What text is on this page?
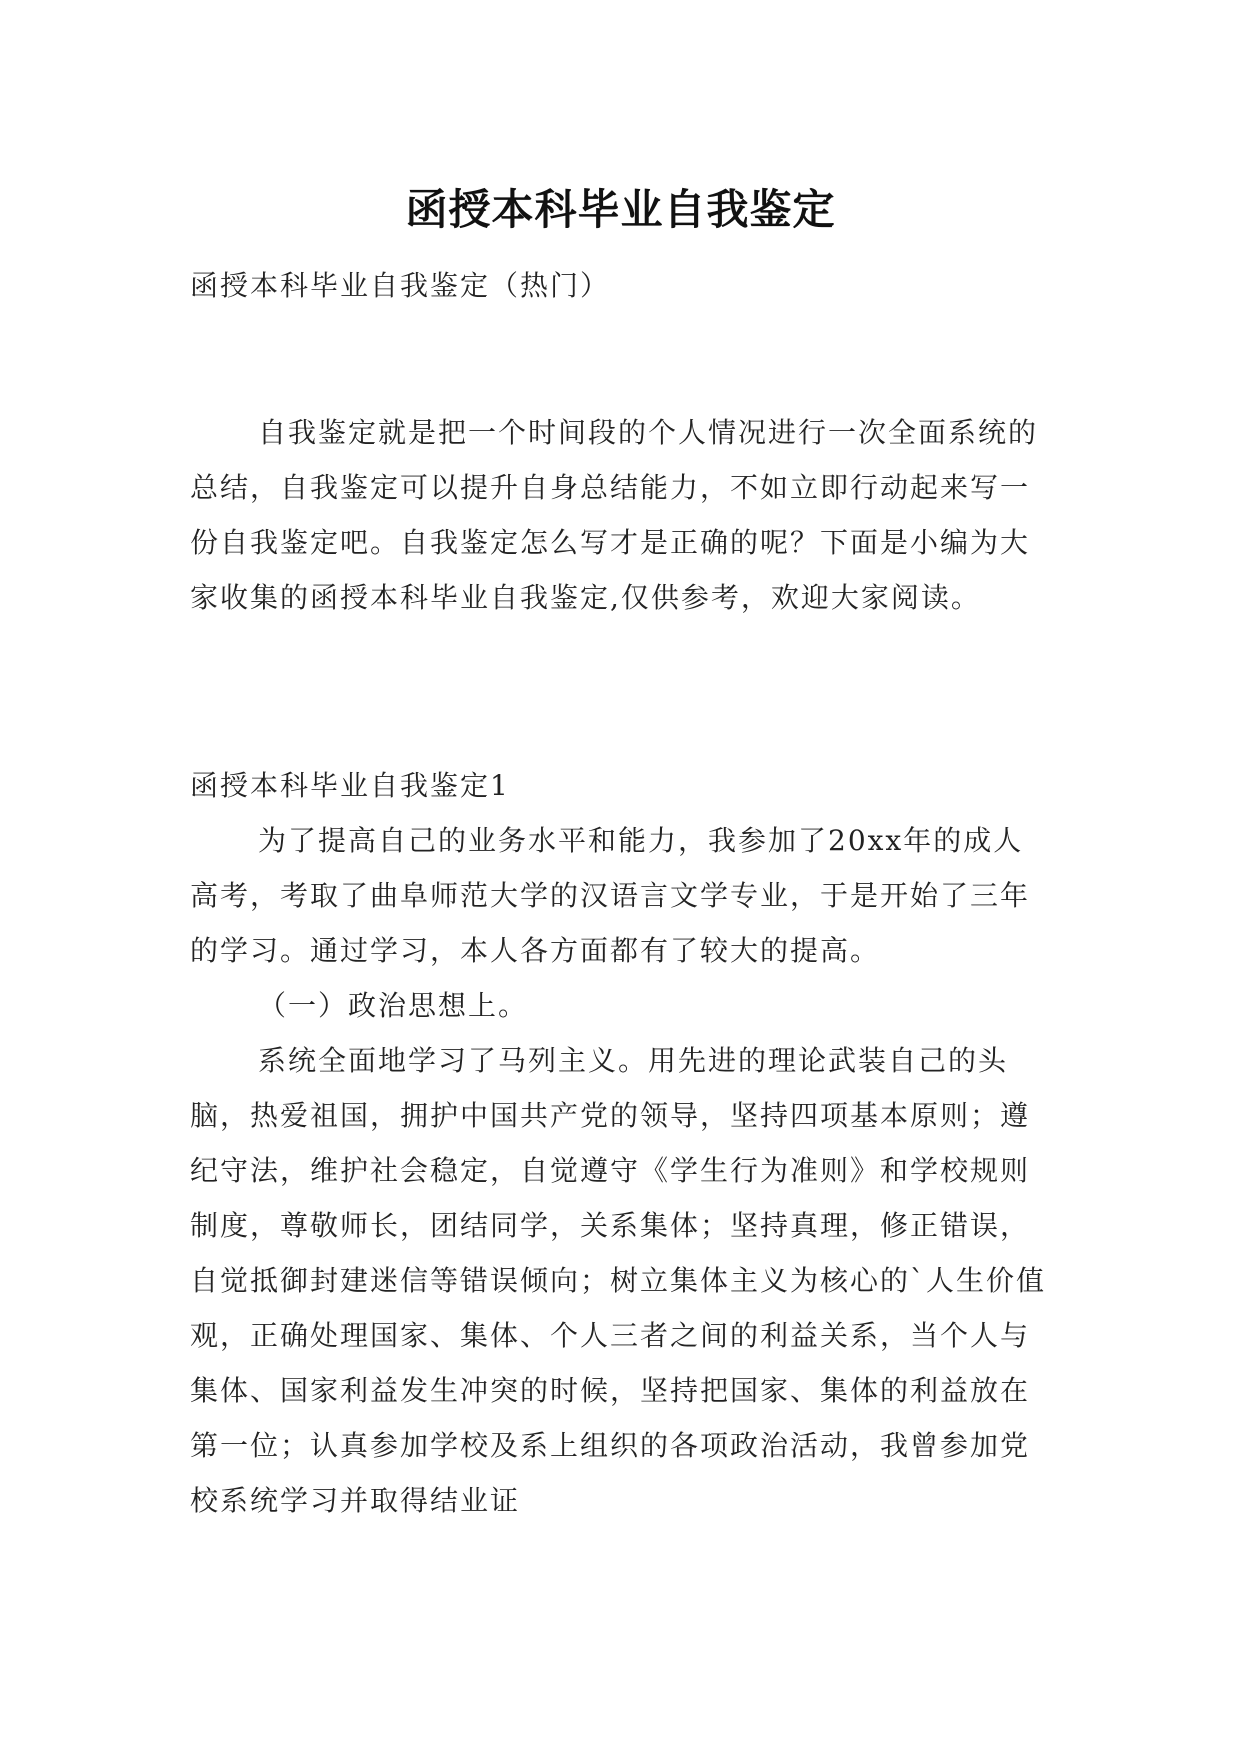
函授本科毕业自我鉴定

函授本科毕业自我鉴定（热门）

自我鉴定就是把一个时间段的个人情况进行一次全面系统的总结，自我鉴定可以提升自身总结能力，不如立即行动起来写一份自我鉴定吧。自我鉴定怎么写才是正确的呢？下面是小编为大家收集的函授本科毕业自我鉴定,仅供参考，欢迎大家阅读。

函授本科毕业自我鉴定1

为了提高自己的业务水平和能力，我参加了20xx年的成人高考，考取了曲阜师范大学的汉语言文学专业，于是开始了三年的学习。通过学习，本人各方面都有了较大的提高。

（一）政治思想上。

系统全面地学习了马列主义。用先进的理论武装自己的头脑，热爱祖国，拥护中国共产党的领导，坚持四项基本原则；遵纪守法，维护社会稳定，自觉遵守《学生行为准则》和学校规则制度，尊敬师长，团结同学，关系集体；坚持真理，修正错误，自觉抵御封建迷信等错误倾向；树立集体主义为核心的`人生价值观，正确处理国家、集体、个人三者之间的利益关系，当个人与集体、国家利益发生冲突的时候，坚持把国家、集体的利益放在第一位；认真参加学校及系上组织的各项政治活动，我曾参加党校系统学习并取得结业证
